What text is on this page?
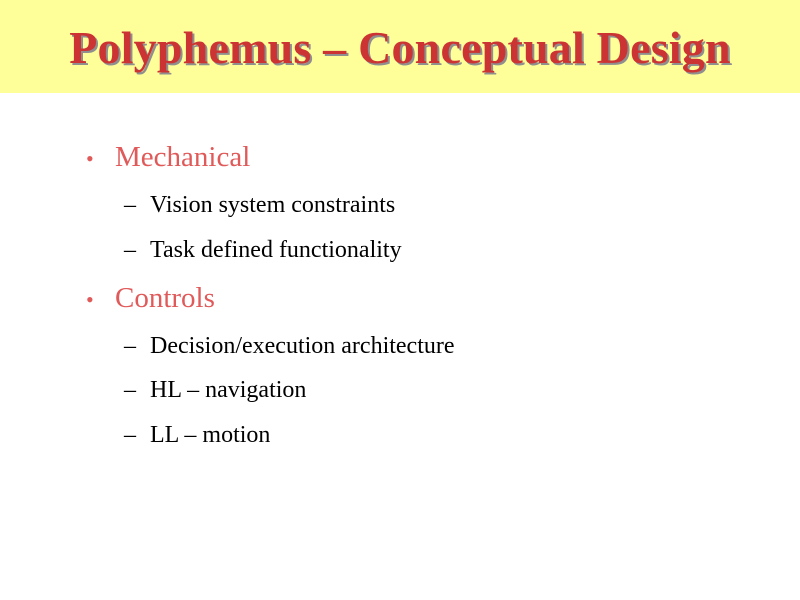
Polyphemus – Conceptual Design
• Mechanical
– Vision system constraints
– Task defined functionality
• Controls
– Decision/execution architecture
– HL – navigation
– LL – motion
